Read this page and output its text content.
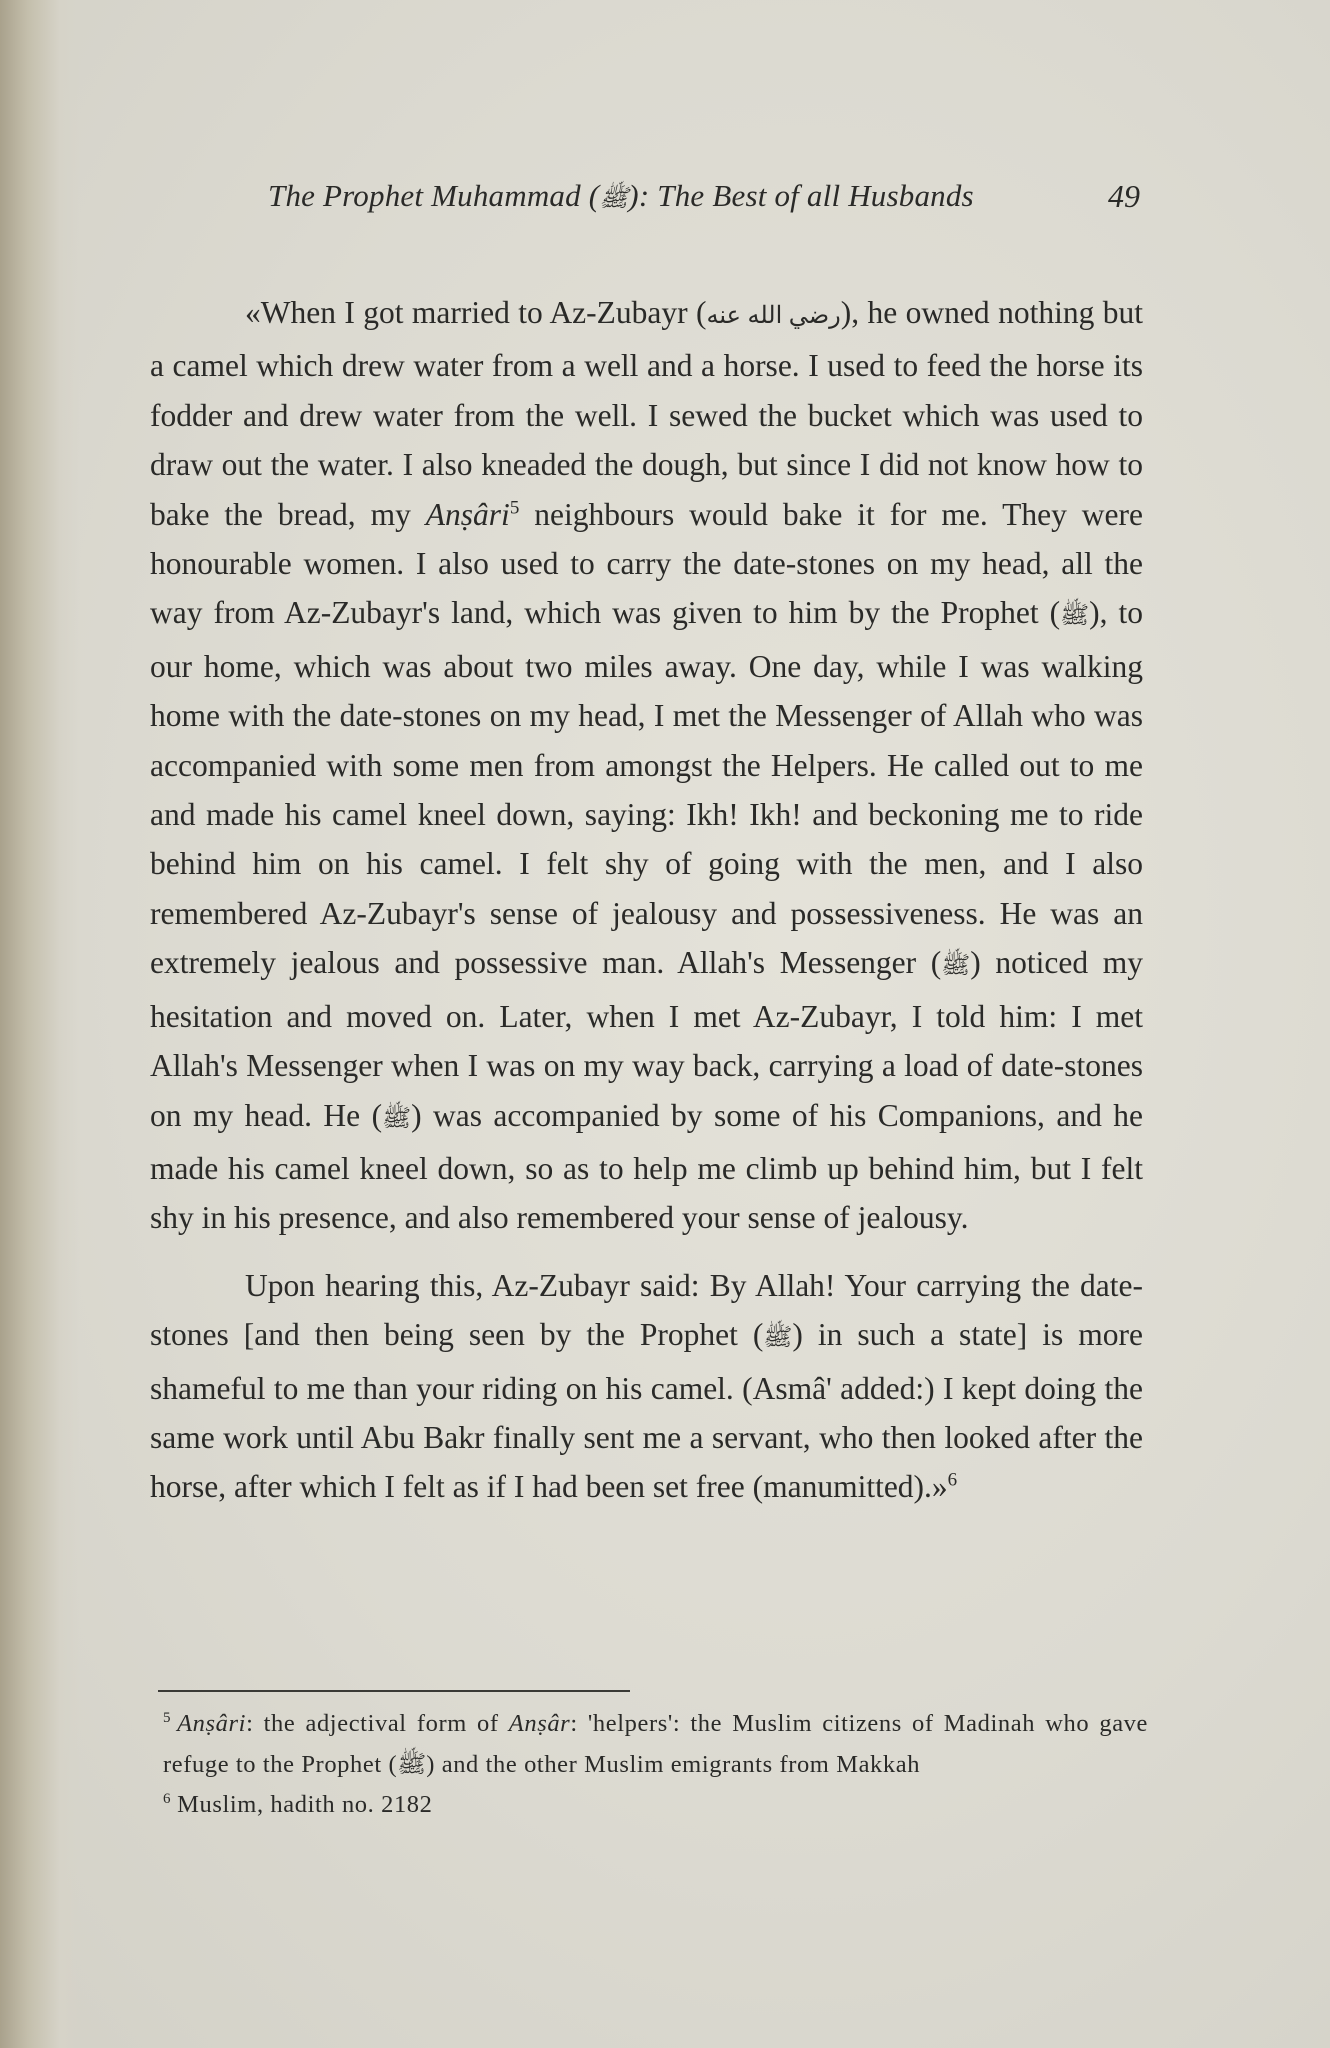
The Prophet Muhammad (ﷺ): The Best of all Husbands	49

«When I got married to Az-Zubayr (رضي الله عنه), he owned nothing but a camel which drew water from a well and a horse. I used to feed the horse its fodder and drew water from the well. I sewed the bucket which was used to draw out the water. I also kneaded the dough, but since I did not know how to bake the bread, my Anṣâri$^5$ neighbours would bake it for me. They were honourable women. I also used to carry the date-stones on my head, all the way from Az-Zubayr's land, which was given to him by the Prophet (ﷺ), to our home, which was about two miles away. One day, while I was walking home with the date-stones on my head, I met the Messenger of Allah who was accompanied with some men from amongst the Helpers. He called out to me and made his camel kneel down, saying: Ikh! Ikh! and beckoning me to ride behind him on his camel. I felt shy of going with the men, and I also remembered Az-Zubayr's sense of jealousy and possessiveness. He was an extremely jealous and possessive man. Allah's Messenger (ﷺ) noticed my hesitation and moved on. Later, when I met Az-Zubayr, I told him: I met Allah's Messenger when I was on my way back, carrying a load of date-stones on my head. He (ﷺ) was accompanied by some of his Companions, and he made his camel kneel down, so as to help me climb up behind him, but I felt shy in his presence, and also remembered your sense of jealousy.

Upon hearing this, Az-Zubayr said: By Allah! Your carrying the date-stones [and then being seen by the Prophet (ﷺ) in such a state] is more shameful to me than your riding on his camel. (Asmâ' added:) I kept doing the same work until Abu Bakr finally sent me a servant, who then looked after the horse, after which I felt as if I had been set free (manumitted).»$^6$

$^5$ Anṣâri: the adjectival form of Anṣâr: 'helpers': the Muslim citizens of Madinah who gave refuge to the Prophet (ﷺ) and the other Muslim emigrants from Makkah

$^6$ Muslim, hadith no. 2182
